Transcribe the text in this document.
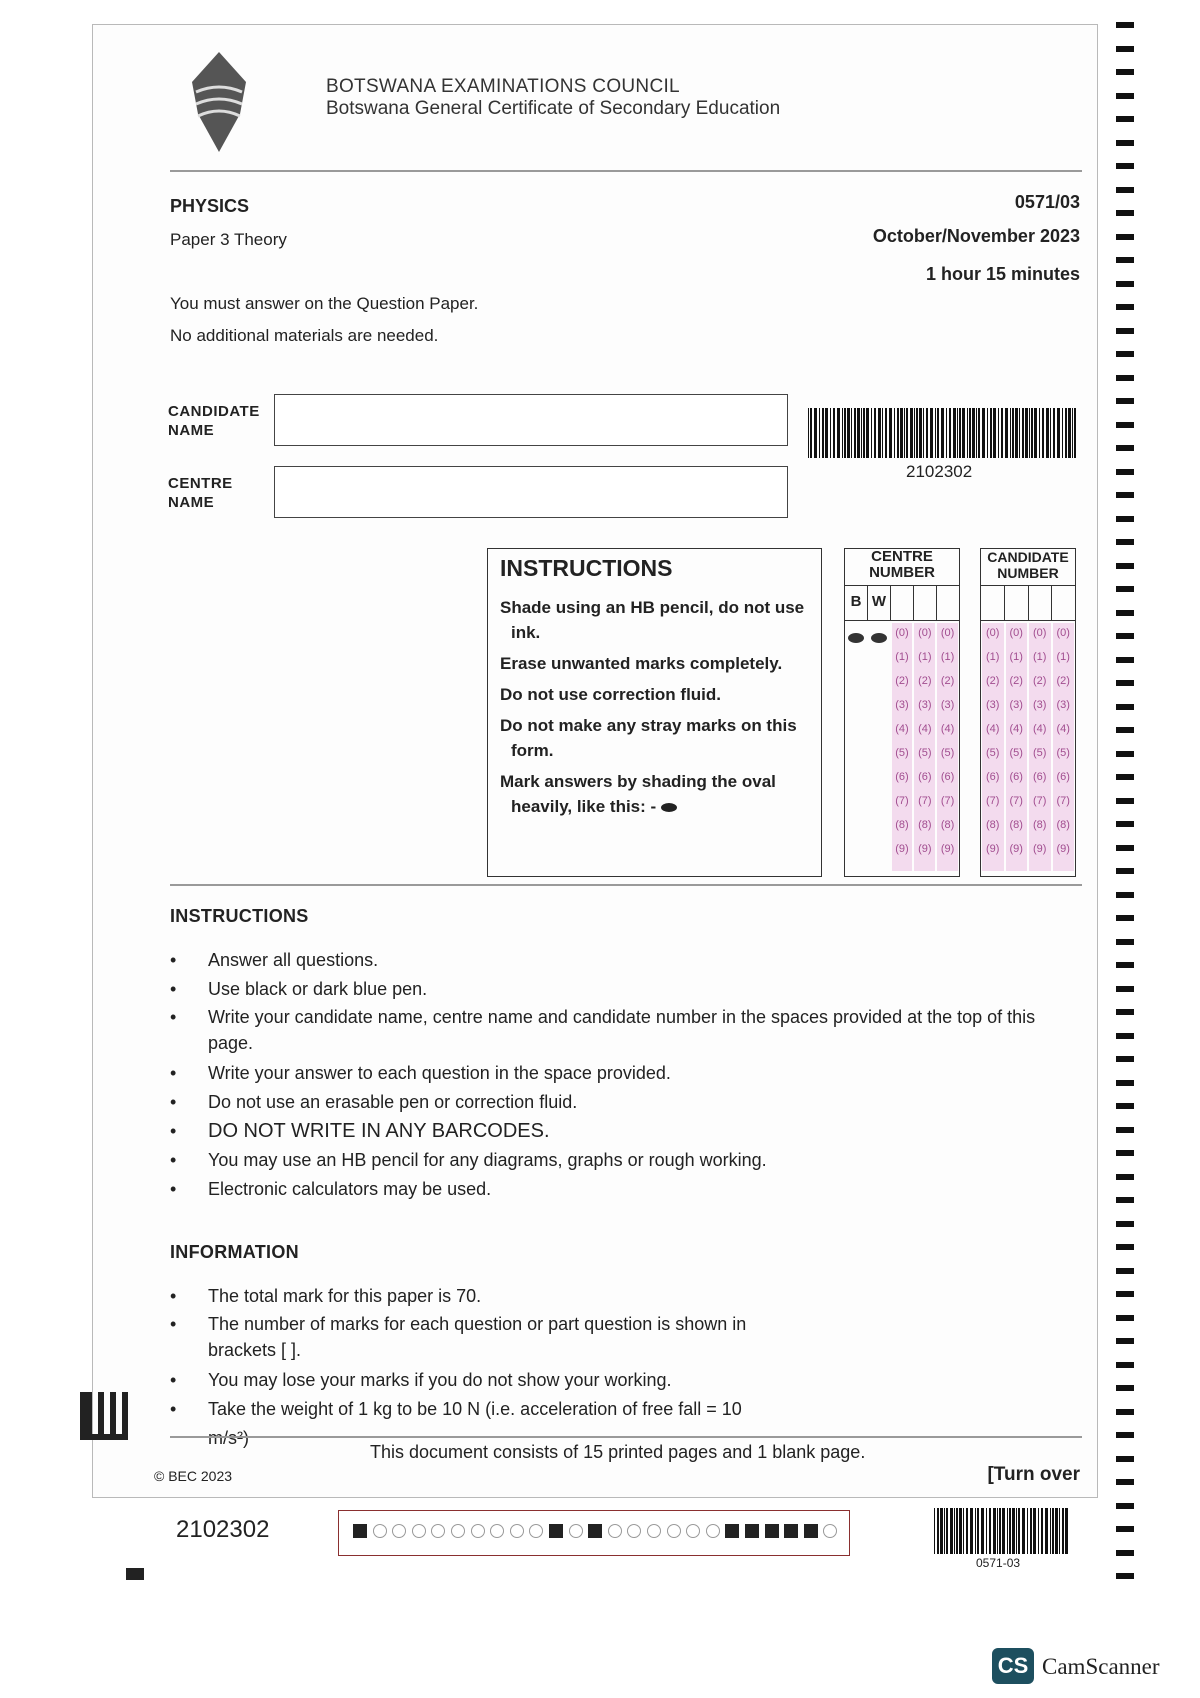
BOTSWANA EXAMINATIONS COUNCIL
Botswana General Certificate of Secondary Education
PHYSICS
Paper 3 Theory
0571/03
October/November 2023
1 hour 15 minutes
You must answer on the Question Paper.
No additional materials are needed.
CANDIDATE
NAME
CENTRE
NAME
2102302
INSTRUCTIONS
Shade using an HB pencil, do not use ink.
Erase unwanted marks completely.
Do not use correction fluid.
Do not make any stray marks on this form.
Mark answers by shading the oval heavily, like this: -
CENTRE
NUMBER
B W
(0)
(1)
(2)
(3)
(4)
(5)
(6)
(7)
(8)
(9)
(0)
(1)
(2)
(3)
(4)
(5)
(6)
(7)
(8)
(9)
(0)
(1)
(2)
(3)
(4)
(5)
(6)
(7)
(8)
(9)
CANDIDATE
NUMBER
(0)
(1)
(2)
(3)
(4)
(5)
(6)
(7)
(8)
(9)
(0)
(1)
(2)
(3)
(4)
(5)
(6)
(7)
(8)
(9)
(0)
(1)
(2)
(3)
(4)
(5)
(6)
(7)
(8)
(9)
(0)
(1)
(2)
(3)
(4)
(5)
(6)
(7)
(8)
(9)
INSTRUCTIONS
• Answer all questions.
• Use black or dark blue pen.
• Write your candidate name, centre name and candidate number in the spaces provided at the top of this page.
• Write your answer to each question in the space provided.
• Do not use an erasable pen or correction fluid.
• DO NOT WRITE IN ANY BARCODES.
• You may use an HB pencil for any diagrams, graphs or rough working.
• Electronic calculators may be used.
INFORMATION
• The total mark for this paper is 70.
• The number of marks for each question or part question is shown in brackets [ ].
• You may lose your marks if you do not show your working.
• Take the weight of 1 kg to be 10 N (i.e. acceleration of free fall = 10 m/s²)
This document consists of 15 printed pages and 1 blank page.
© BEC 2023	[Turn over
2102302
0571-03
CS CamScanner
